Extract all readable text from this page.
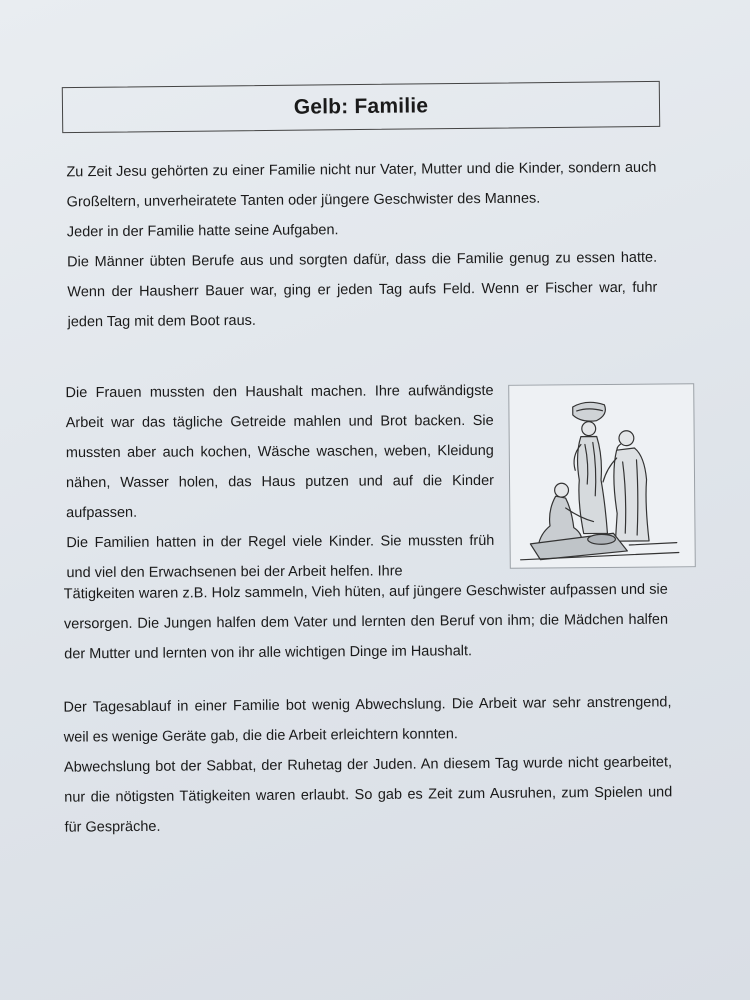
Gelb: Familie

Zu Zeit Jesu gehörten zu einer Familie nicht nur Vater, Mutter und die Kinder, sondern auch Großeltern, unverheiratete Tanten oder jüngere Geschwister des Mannes.

Jeder in der Familie hatte seine Aufgaben.

Die Männer übten Berufe aus und sorgten dafür, dass die Familie genug zu essen hatte. Wenn der Hausherr Bauer war, ging er jeden Tag aufs Feld. Wenn er Fischer war, fuhr jeden Tag mit dem Boot raus.

Die Frauen mussten den Haushalt machen. Ihre aufwändigste Arbeit war das tägliche Getreide mahlen und Brot backen. Sie mussten aber auch kochen, Wäsche waschen, weben, Kleidung nähen, Wasser holen, das Haus putzen und auf die Kinder aufpassen.

Die Familien hatten in der Regel viele Kinder. Sie mussten früh und viel den Erwachsenen bei der Arbeit helfen. Ihre

Tätigkeiten waren z.B. Holz sammeln, Vieh hüten, auf jüngere Geschwister aufpassen und sie versorgen. Die Jungen halfen dem Vater und lernten den Beruf von ihm; die Mädchen halfen der Mutter und lernten von ihr alle wichtigen Dinge im Haushalt.

Der Tagesablauf in einer Familie bot wenig Abwechslung. Die Arbeit war sehr anstrengend, weil es wenige Geräte gab, die die Arbeit erleichtern konnten.

Abwechslung bot der Sabbat, der Ruhetag der Juden. An diesem Tag wurde nicht gearbeitet, nur die nötigsten Tätigkeiten waren erlaubt. So gab es Zeit zum Ausruhen, zum Spielen und für Gespräche.
